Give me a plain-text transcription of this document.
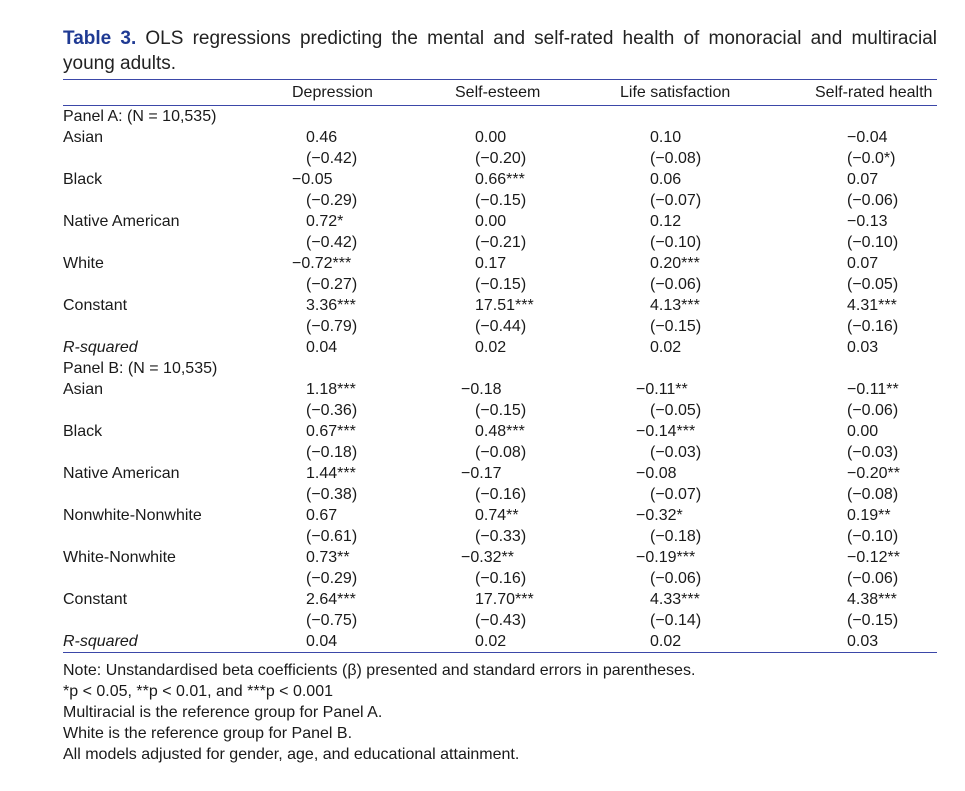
Table 3. OLS regressions predicting the mental and self-rated health of monoracial and multiracial young adults.

	Depression	Self-esteem	Life satisfaction	Self-rated health
Panel A: (N = 10,535)				
Asian	0.46	0.00	0.10	−0.04
	(−0.42)	(−0.20)	(−0.08)	(−0.0*)
Black	−0.05	0.66***	0.06	0.07
	(−0.29)	(−0.15)	(−0.07)	(−0.06)
Native American	0.72*	0.00	0.12	−0.13
	(−0.42)	(−0.21)	(−0.10)	(−0.10)
White	−0.72***	0.17	0.20***	0.07
	(−0.27)	(−0.15)	(−0.06)	(−0.05)
Constant	3.36***	17.51***	4.13***	4.31***
	(−0.79)	(−0.44)	(−0.15)	(−0.16)
R-squared	0.04	0.02	0.02	0.03
Panel B: (N = 10,535)				
Asian	1.18***	−0.18	−0.11**	−0.11**
	(−0.36)	(−0.15)	(−0.05)	(−0.06)
Black	0.67***	0.48***	−0.14***	0.00
	(−0.18)	(−0.08)	(−0.03)	(−0.03)
Native American	1.44***	−0.17	−0.08	−0.20**
	(−0.38)	(−0.16)	(−0.07)	(−0.08)
Nonwhite-Nonwhite	0.67	0.74**	−0.32*	0.19**
	(−0.61)	(−0.33)	(−0.18)	(−0.10)
White-Nonwhite	0.73**	−0.32**	−0.19***	−0.12**
	(−0.29)	(−0.16)	(−0.06)	(−0.06)
Constant	2.64***	17.70***	4.33***	4.38***
	(−0.75)	(−0.43)	(−0.14)	(−0.15)
R-squared	0.04	0.02	0.02	0.03
Note: Unstandardised beta coefficients (β) presented and standard errors in parentheses.
*p < 0.05, **p < 0.01, and ***p < 0.001
Multiracial is the reference group for Panel A.
White is the reference group for Panel B.
All models adjusted for gender, age, and educational attainment.
